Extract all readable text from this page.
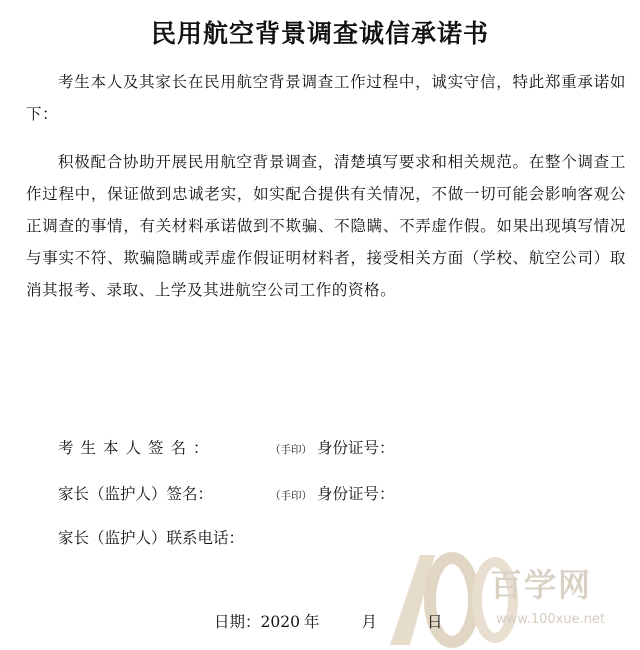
民用航空背景调查诚信承诺书
考生本人及其家长在民用航空背景调查工作过程中，诚实守信，特此郑重承诺如下：
积极配合协助开展民用航空背景调查，清楚填写要求和相关规范。在整个调查工作过程中，保证做到忠诚老实，如实配合提供有关情况，不做一切可能会影响客观公正调查的事情，有关材料承诺做到不欺骗、不隐瞒、不弄虚作假。如果出现填写情况与事实不符、欺骗隐瞒或弄虚作假证明材料者，接受相关方面（学校、航空公司）取消其报考、录取、上学及其进航空公司工作的资格。
考生本人签名：	（手印） 身份证号：
家长（监护人）签名：	（手印） 身份证号：
家长（监护人）联系电话：
百学网
www.100xue.net
日期：2020 年	月	日
